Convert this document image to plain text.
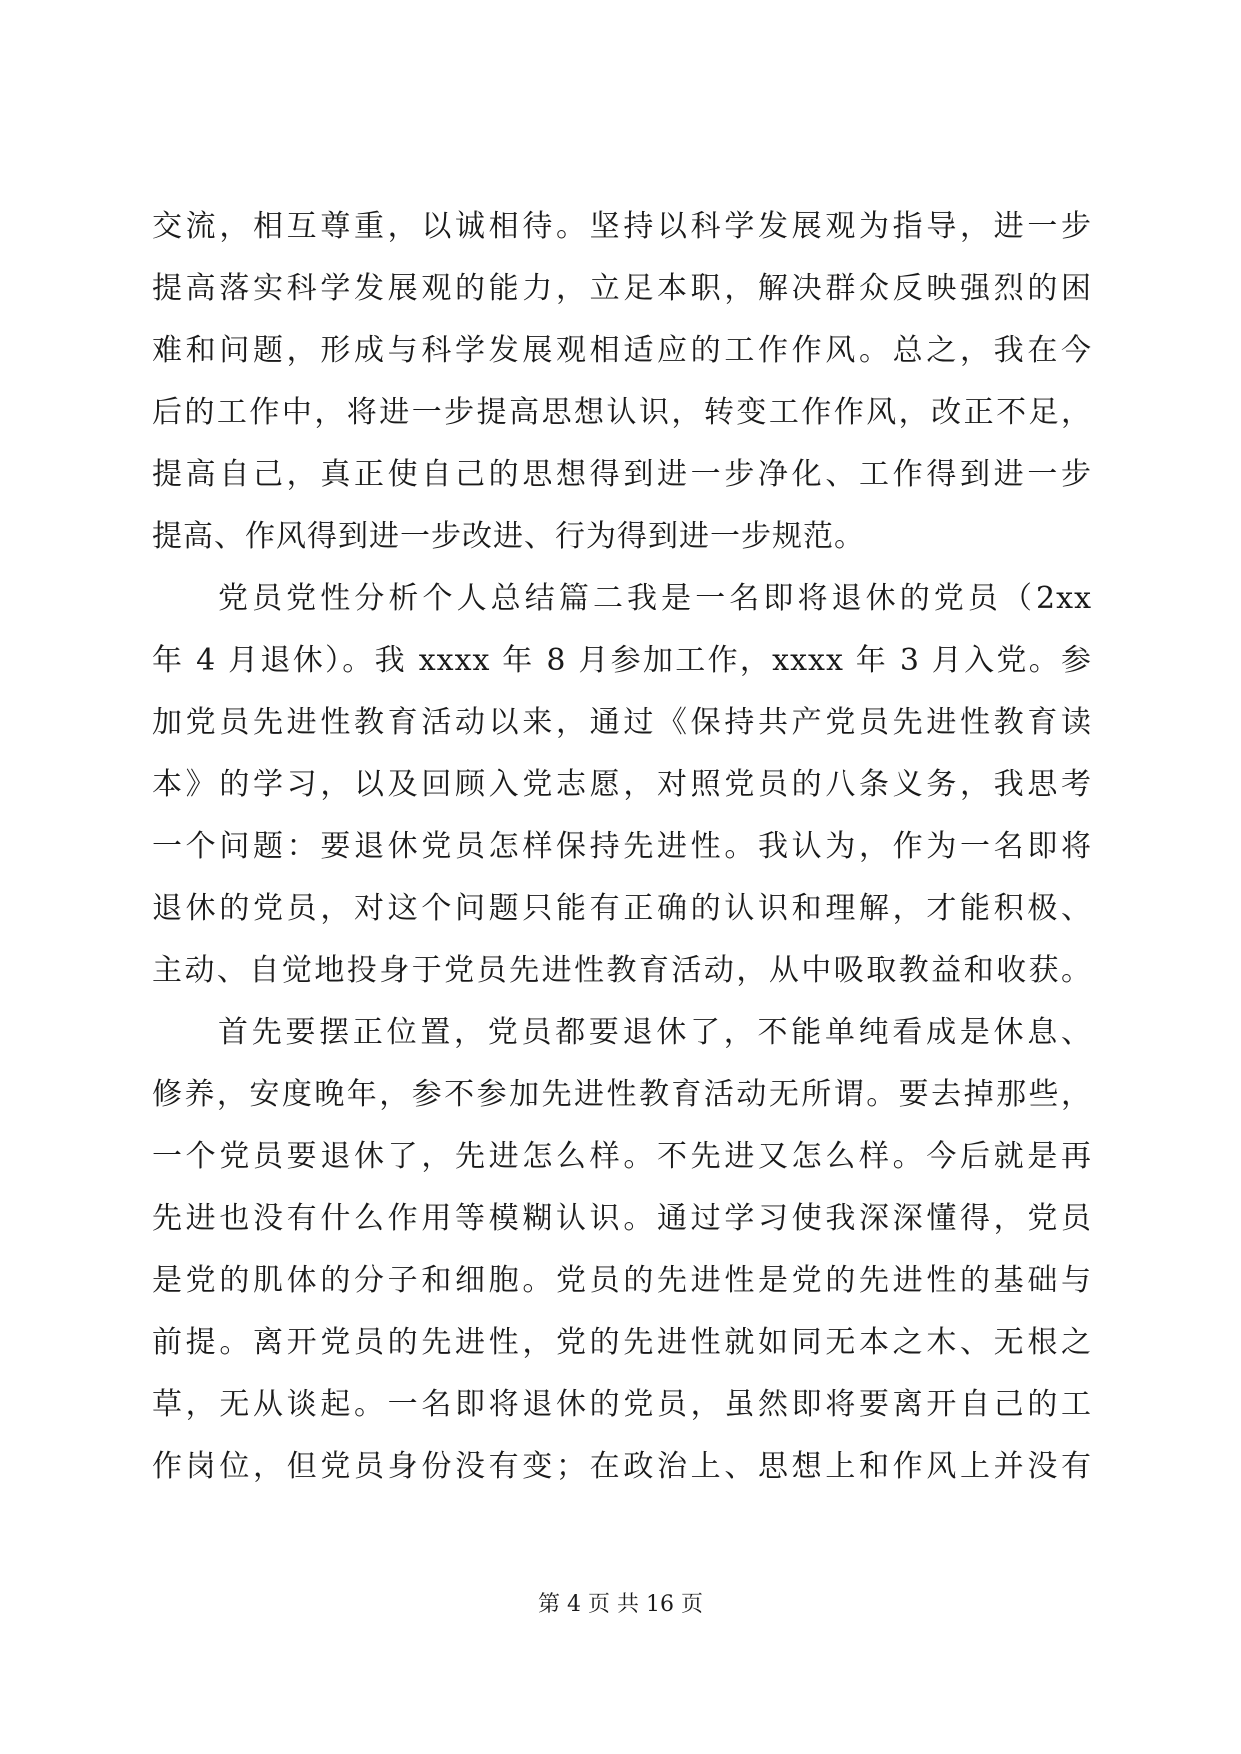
交流，相互尊重，以诚相待。坚持以科学发展观为指导，进一步
提高落实科学发展观的能力，立足本职，解决群众反映强烈的困
难和问题，形成与科学发展观相适应的工作作风。总之，我在今
后的工作中，将进一步提高思想认识，转变工作作风，改正不足，
提高自己，真正使自己的思想得到进一步净化、工作得到进一步
提高、作风得到进一步改进、行为得到进一步规范。
党员党性分析个人总结篇二我是一名即将退休的党员（2xx
年 4 月退休）。我 xxxx 年 8 月参加工作，xxxx 年 3 月入党。参
加党员先进性教育活动以来，通过《保持共产党员先进性教育读
本》的学习，以及回顾入党志愿，对照党员的八条义务，我思考
一个问题：要退休党员怎样保持先进性。我认为，作为一名即将
退休的党员，对这个问题只能有正确的认识和理解，才能积极、
主动、自觉地投身于党员先进性教育活动，从中吸取教益和收获。
首先要摆正位置，党员都要退休了，不能单纯看成是休息、
修养，安度晚年，参不参加先进性教育活动无所谓。要去掉那些，
一个党员要退休了，先进怎么样。不先进又怎么样。今后就是再
先进也没有什么作用等模糊认识。通过学习使我深深懂得，党员
是党的肌体的分子和细胞。党员的先进性是党的先进性的基础与
前提。离开党员的先进性，党的先进性就如同无本之木、无根之
草，无从谈起。一名即将退休的党员，虽然即将要离开自己的工
作岗位，但党员身份没有变；在政治上、思想上和作风上并没有
第 4 页 共 16 页
